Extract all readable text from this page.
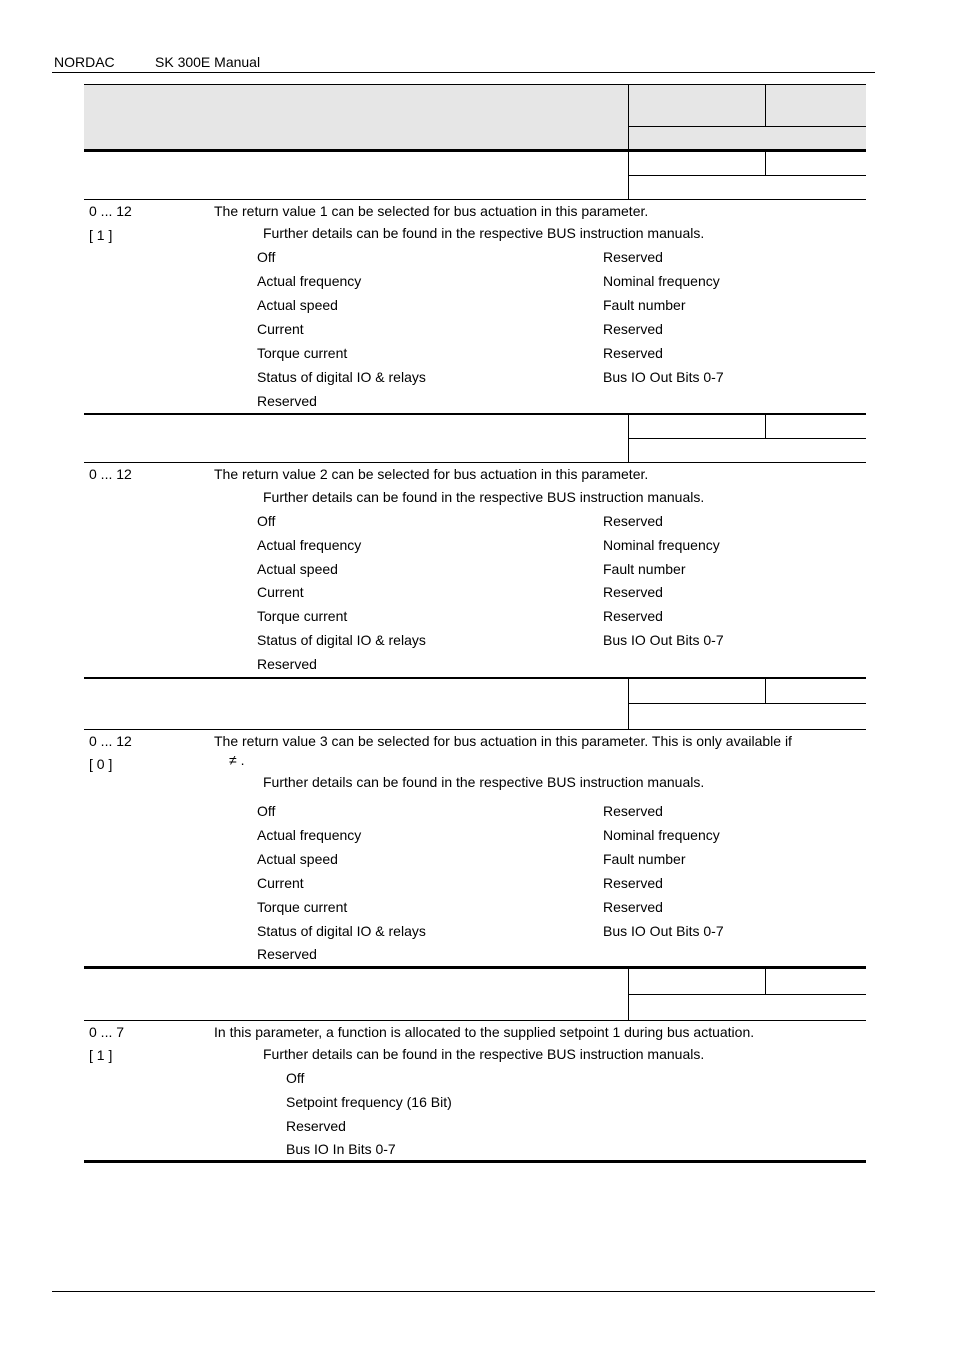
NORDAC	SK 300E Manual
0 ... 12
[ 1 ]
The return value 1 can be selected for bus actuation in this parameter.
Further details can be found in the respective BUS instruction manuals.
Off
Actual frequency
Actual speed
Current
Torque current
Status of digital IO & relays
Reserved
Reserved
Nominal frequency
Fault number
Reserved
Reserved
Bus IO Out Bits 0-7
0 ... 12	The return value 2 can be selected for bus actuation in this parameter.
Further details can be found in the respective BUS instruction manuals.
Off
Actual frequency
Actual speed
Current
Torque current
Status of digital IO & relays
Reserved
Reserved
Nominal frequency
Fault number
Reserved
Reserved
Bus IO Out Bits 0-7
0 ... 12
[ 0 ]
The return value 3 can be selected for bus actuation in this parameter. This is only available if
≠ .
Further details can be found in the respective BUS instruction manuals.
Off
Actual frequency
Actual speed
Current
Torque current
Status of digital IO & relays
Reserved
Reserved
Nominal frequency
Fault number
Reserved
Reserved
Bus IO Out Bits 0-7
0 ... 7
[ 1 ]
In this parameter, a function is allocated to the supplied setpoint 1 during bus actuation.
Further details can be found in the respective BUS instruction manuals.
Off
Setpoint frequency (16 Bit)
Reserved
Bus IO In Bits 0-7
